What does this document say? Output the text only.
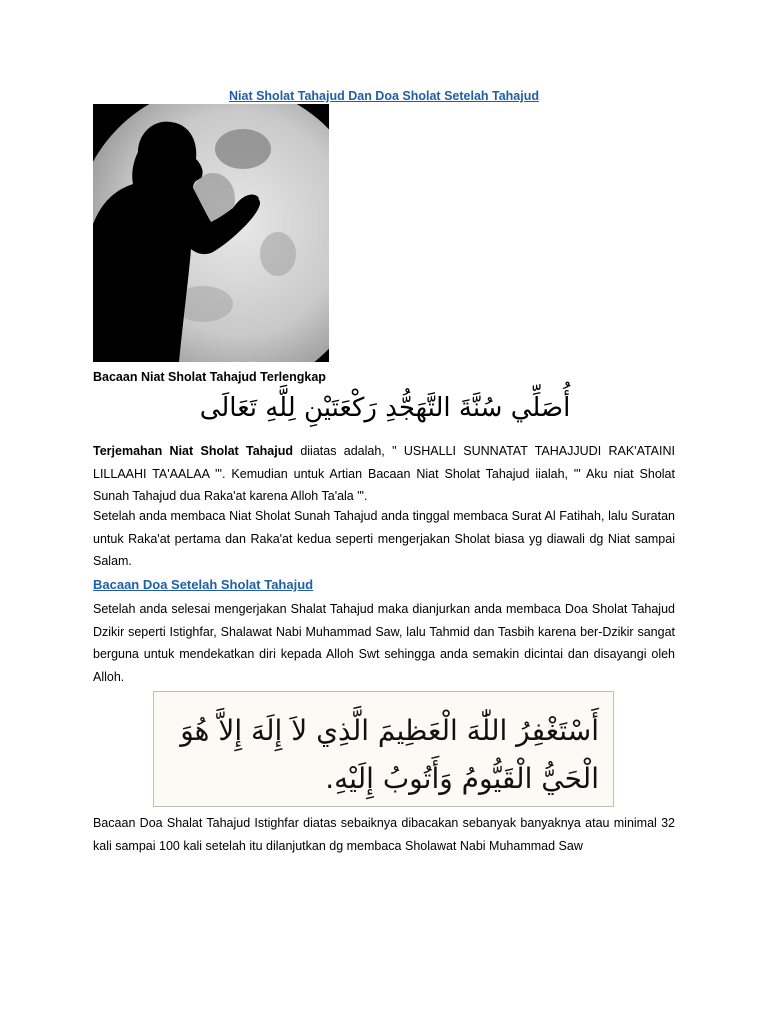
Niat Sholat Tahajud Dan Doa Sholat Setelah Tahajud
Bacaan Niat Sholat Tahajud Terlengkap
أُصَلِّي سُنَّةَ التَّهَجُّدِ رَكْعَتَيْنِ لِلَّهِ تَعَالَى
Terjemahan Niat Sholat Tahajud diiatas adalah, " USHALLI SUNNATAT TAHAJJUDI RAK'ATAINI LILLAAHI TA'AALAA "'. Kemudian untuk Artian Bacaan Niat Sholat Tahajud iialah, "' Aku niat Sholat Sunah Tahajud dua Raka'at karena Alloh Ta'ala "'.
Setelah anda membaca Niat Sholat Sunah Tahajud anda tinggal membaca Surat Al Fatihah, lalu Suratan untuk Raka'at pertama dan Raka'at kedua seperti mengerjakan Sholat biasa yg diawali dg Niat sampai Salam.
Bacaan Doa Setelah Sholat Tahajud
Setelah anda selesai mengerjakan Shalat Tahajud maka dianjurkan anda membaca Doa Sholat Tahajud Dzikir seperti Istighfar, Shalawat Nabi Muhammad Saw, lalu Tahmid dan Tasbih karena ber-Dzikir sangat berguna untuk mendekatkan diri kepada Alloh Swt sehingga anda semakin dicintai dan disayangi oleh Alloh.
أَسْتَغْفِرُ اللّٰهَ الْعَظِيمَ الَّذِي لاَ إِلَهَ إِلاَّ هُوَ
الْحَيُّ الْقَيُّومُ وَأَتُوبُ إِلَيْهِ.
Bacaan Doa Shalat Tahajud Istighfar diatas sebaiknya dibacakan sebanyak banyaknya atau minimal 32 kali sampai 100 kali setelah itu dilanjutkan dg membaca Sholawat Nabi Muhammad Saw
